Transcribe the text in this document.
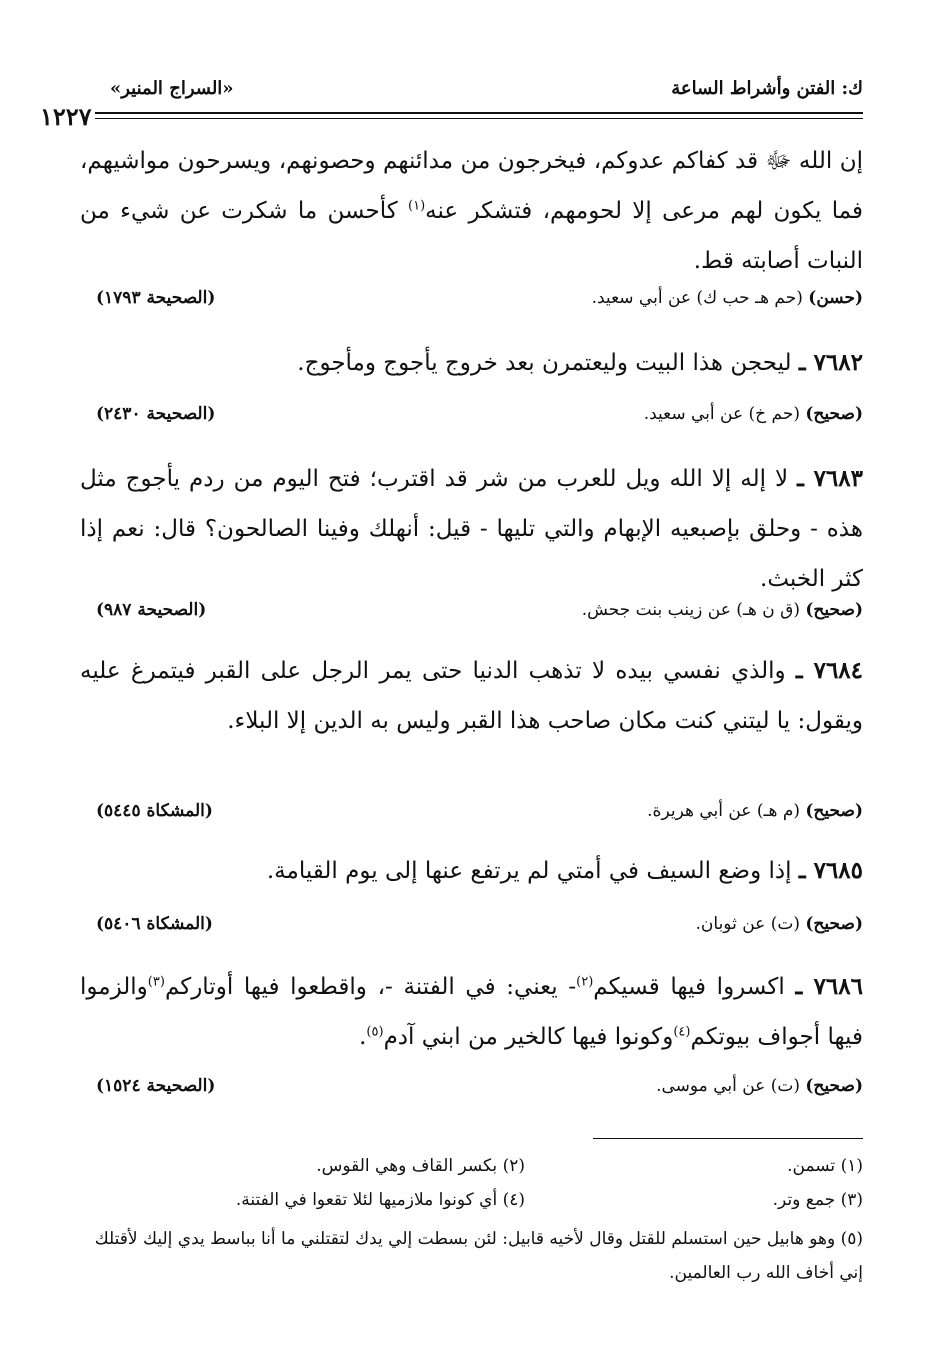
ك: الفتن وأشراط الساعة
«السراج المنير»
١٢٢٧
إن الله ﷻ قد كفاكم عدوكم، فيخرجون من مدائنهم وحصونهم، ويسرحون مواشيهم، فما يكون لهم مرعى إلا لحومهم، فتشكر عنه$^{(١)}$ كأحسن ما شكرت عن شيء من النبات أصابته قط.
(حسن) (حم هـ حب ك) عن أبي سعيد.
(الصحيحة ١٧٩٣)
٧٦٨٢ ـ ليحجن هذا البيت وليعتمرن بعد خروج يأجوج ومأجوج.
(صحيح) (حم خ) عن أبي سعيد.
(الصحيحة ٢٤٣٠)
٧٦٨٣ ـ لا إله إلا الله ويل للعرب من شر قد اقترب؛ فتح اليوم من ردم يأجوج مثل هذه - وحلق بإصبعيه الإبهام والتي تليها - قيل: أنهلك وفينا الصالحون؟ قال: نعم إذا كثر الخبث.
(صحيح) (ق ن هـ) عن زينب بنت جحش.
(الصحيحة ٩٨٧)
٧٦٨٤ ـ والذي نفسي بيده لا تذهب الدنيا حتى يمر الرجل على القبر فيتمرغ عليه ويقول: يا ليتني كنت مكان صاحب هذا القبر وليس به الدين إلا البلاء.
(صحيح) (م هـ) عن أبي هريرة.
(المشكاة ٥٤٤٥)
٧٦٨٥ ـ إذا وضع السيف في أمتي لم يرتفع عنها إلى يوم القيامة.
(صحيح) (ت) عن ثوبان.
(المشكاة ٥٤٠٦)
٧٦٨٦ ـ اكسروا فيها قسيكم$^{(٢)}$- يعني: في الفتنة -، واقطعوا فيها أوتاركم$^{(٣)}$والزموا فيها أجواف بيوتكم$^{(٤)}$وكونوا فيها كالخير من ابني آدم$^{(٥)}$.
(صحيح) (ت) عن أبي موسى.
(الصحيحة ١٥٢٤)
(١) تسمن.
(٢) بكسر القاف وهي القوس.
(٣) جمع وتر.
(٤) أي كونوا ملازميها لئلا تقعوا في الفتنة.
(٥) وهو هابيل حين استسلم للقتل وقال لأخيه قابيل: لئن بسطت إلي يدك لتقتلني ما أنا بباسط يدي إليك لأقتلك إني أخاف الله رب العالمين.
